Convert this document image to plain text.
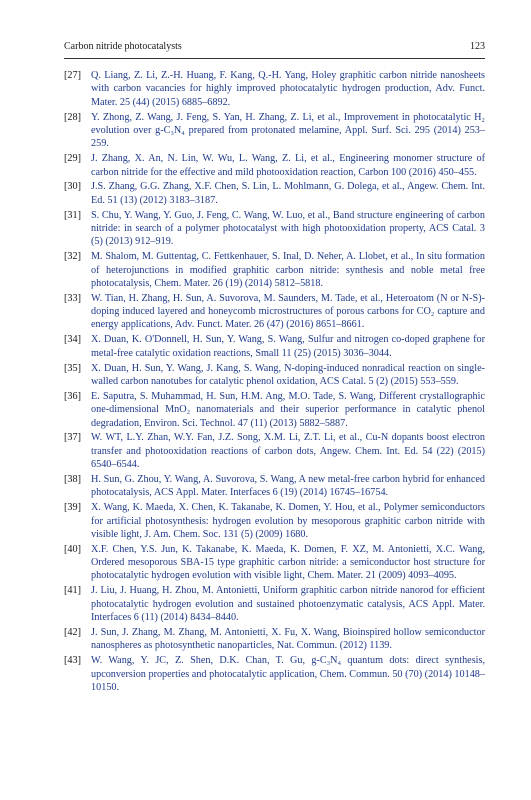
Carbon nitride photocatalysts	123
[27] Q. Liang, Z. Li, Z.-H. Huang, F. Kang, Q.-H. Yang, Holey graphitic carbon nitride nanosheets with carbon vacancies for highly improved photocatalytic hydrogen production, Adv. Funct. Mater. 25 (44) (2015) 6885–6892.
[28] Y. Zhong, Z. Wang, J. Feng, S. Yan, H. Zhang, Z. Li, et al., Improvement in photocatalytic H₂ evolution over g-C₃N₄ prepared from protonated melamine, Appl. Surf. Sci. 295 (2014) 253–259.
[29] J. Zhang, X. An, N. Lin, W. Wu, L. Wang, Z. Li, et al., Engineering monomer structure of carbon nitride for the effective and mild photooxidation reaction, Carbon 100 (2016) 450–455.
[30] J.S. Zhang, G.G. Zhang, X.F. Chen, S. Lin, L. Mohlmann, G. Dolega, et al., Angew. Chem. Int. Ed. 51 (13) (2012) 3183–3187.
[31] S. Chu, Y. Wang, Y. Guo, J. Feng, C. Wang, W. Luo, et al., Band structure engineering of carbon nitride: in search of a polymer photocatalyst with high photooxidation property, ACS Catal. 3 (5) (2013) 912–919.
[32] M. Shalom, M. Guttentag, C. Fettkenhauer, S. Inal, D. Neher, A. Llobet, et al., In situ formation of heterojunctions in modified graphitic carbon nitride: synthesis and noble metal free photocatalysis, Chem. Mater. 26 (19) (2014) 5812–5818.
[33] W. Tian, H. Zhang, H. Sun, A. Suvorova, M. Saunders, M. Tade, et al., Heteroatom (N or N-S)-doping induced layered and honeycomb microstructures of porous carbons for CO₂ capture and energy applications, Adv. Funct. Mater. 26 (47) (2016) 8651–8661.
[34] X. Duan, K. O'Donnell, H. Sun, Y. Wang, S. Wang, Sulfur and nitrogen co-doped graphene for metal-free catalytic oxidation reactions, Small 11 (25) (2015) 3036–3044.
[35] X. Duan, H. Sun, Y. Wang, J. Kang, S. Wang, N-doping-induced nonradical reaction on single-walled carbon nanotubes for catalytic phenol oxidation, ACS Catal. 5 (2) (2015) 553–559.
[36] E. Saputra, S. Muhammad, H. Sun, H.M. Ang, M.O. Tade, S. Wang, Different crystallographic one-dimensional MnO₂ nanomaterials and their superior performance in catalytic phenol degradation, Environ. Sci. Technol. 47 (11) (2013) 5882–5887.
[37] W. WT, L.Y. Zhan, W.Y. Fan, J.Z. Song, X.M. Li, Z.T. Li, et al., Cu-N dopants boost electron transfer and photooxidation reactions of carbon dots, Angew. Chem. Int. Ed. 54 (22) (2015) 6540–6544.
[38] H. Sun, G. Zhou, Y. Wang, A. Suvorova, S. Wang, A new metal-free carbon hybrid for enhanced photocatalysis, ACS Appl. Mater. Interfaces 6 (19) (2014) 16745–16754.
[39] X. Wang, K. Maeda, X. Chen, K. Takanabe, K. Domen, Y. Hou, et al., Polymer semiconductors for artificial photosynthesis: hydrogen evolution by mesoporous graphitic carbon nitride with visible light, J. Am. Chem. Soc. 131 (5) (2009) 1680.
[40] X.F. Chen, Y.S. Jun, K. Takanabe, K. Maeda, K. Domen, F. XZ, M. Antonietti, X.C. Wang, Ordered mesoporous SBA-15 type graphitic carbon nitride: a semiconductor host structure for photocatalytic hydrogen evolution with visible light, Chem. Mater. 21 (2009) 4093–4095.
[41] J. Liu, J. Huang, H. Zhou, M. Antonietti, Uniform graphitic carbon nitride nanorod for efficient photocatalytic hydrogen evolution and sustained photoenzymatic catalysis, ACS Appl. Mater. Interfaces 6 (11) (2014) 8434–8440.
[42] J. Sun, J. Zhang, M. Zhang, M. Antonietti, X. Fu, X. Wang, Bioinspired hollow semiconductor nanospheres as photosynthetic nanoparticles, Nat. Commun. (2012) 1139.
[43] W. Wang, Y. JC, Z. Shen, D.K. Chan, T. Gu, g-C₃N₄ quantum dots: direct synthesis, upconversion properties and photocatalytic application, Chem. Commun. 50 (70) (2014) 10148–10150.
